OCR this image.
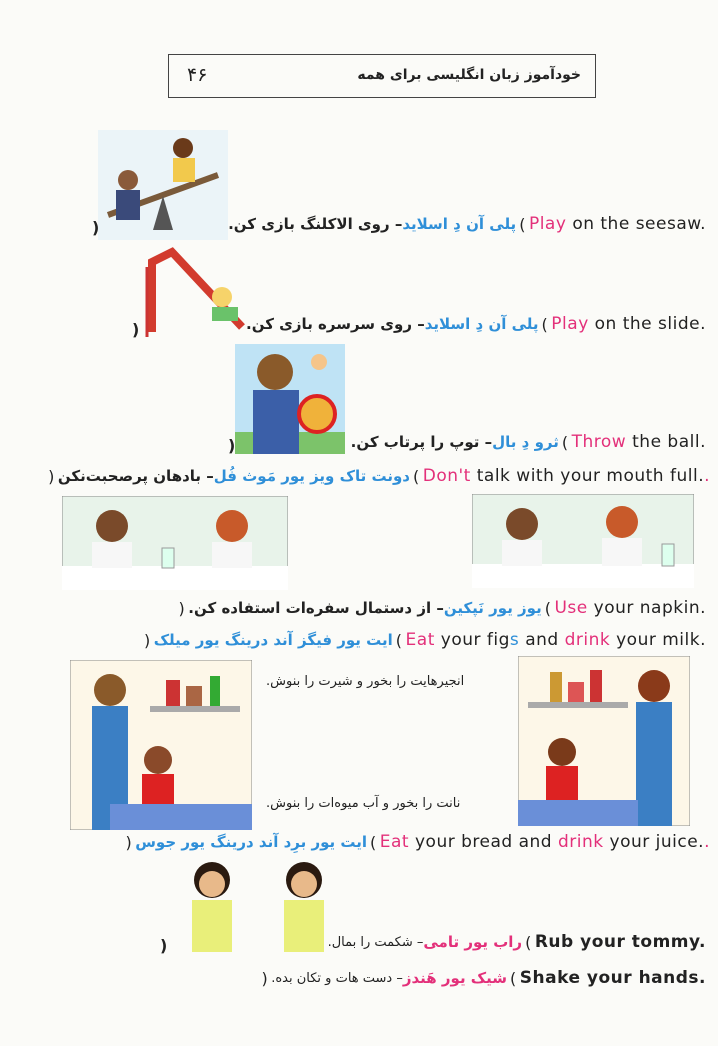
۴۶	خودآموز زبان انگلیسی برای همه
)	– روی الاکلنگ بازی کن. پلی آن دِ اسلاید ( Play
on the seesaw.
)	– روی سرسره بازی کن. پلی آن دِ اسلاید ( Play
on the slide.
)	– توپ را پرتاب کن. ثرو دِ بال ( Throw
the ball.
) – بادهان پرصحبت‌نکن دونت تاک ویز یور مَوث فُل ( Don't
talk with your mouth full. .
) – از دستمال سفره‌ات استفاده کن. یوز یور نَپکین ( Use
your napkin.
) ایت یور فیگز آند درینگ یور میلک ( Eat
your fig s
and
drink
your milk.
انجیرهایت را بخور و شیرت را بنوش.
نانت را بخور و آب میوه‌ات را بنوش.
) ایت یور برِد آند درینگ یور جوس ( Eat
your bread and
drink
your juice. .
)	– شکمت را بمال. راب یور تامی ( Rub your tommy.
) – دست هات و تکان بده. شیک یور هَندز ( Shake your hands.
